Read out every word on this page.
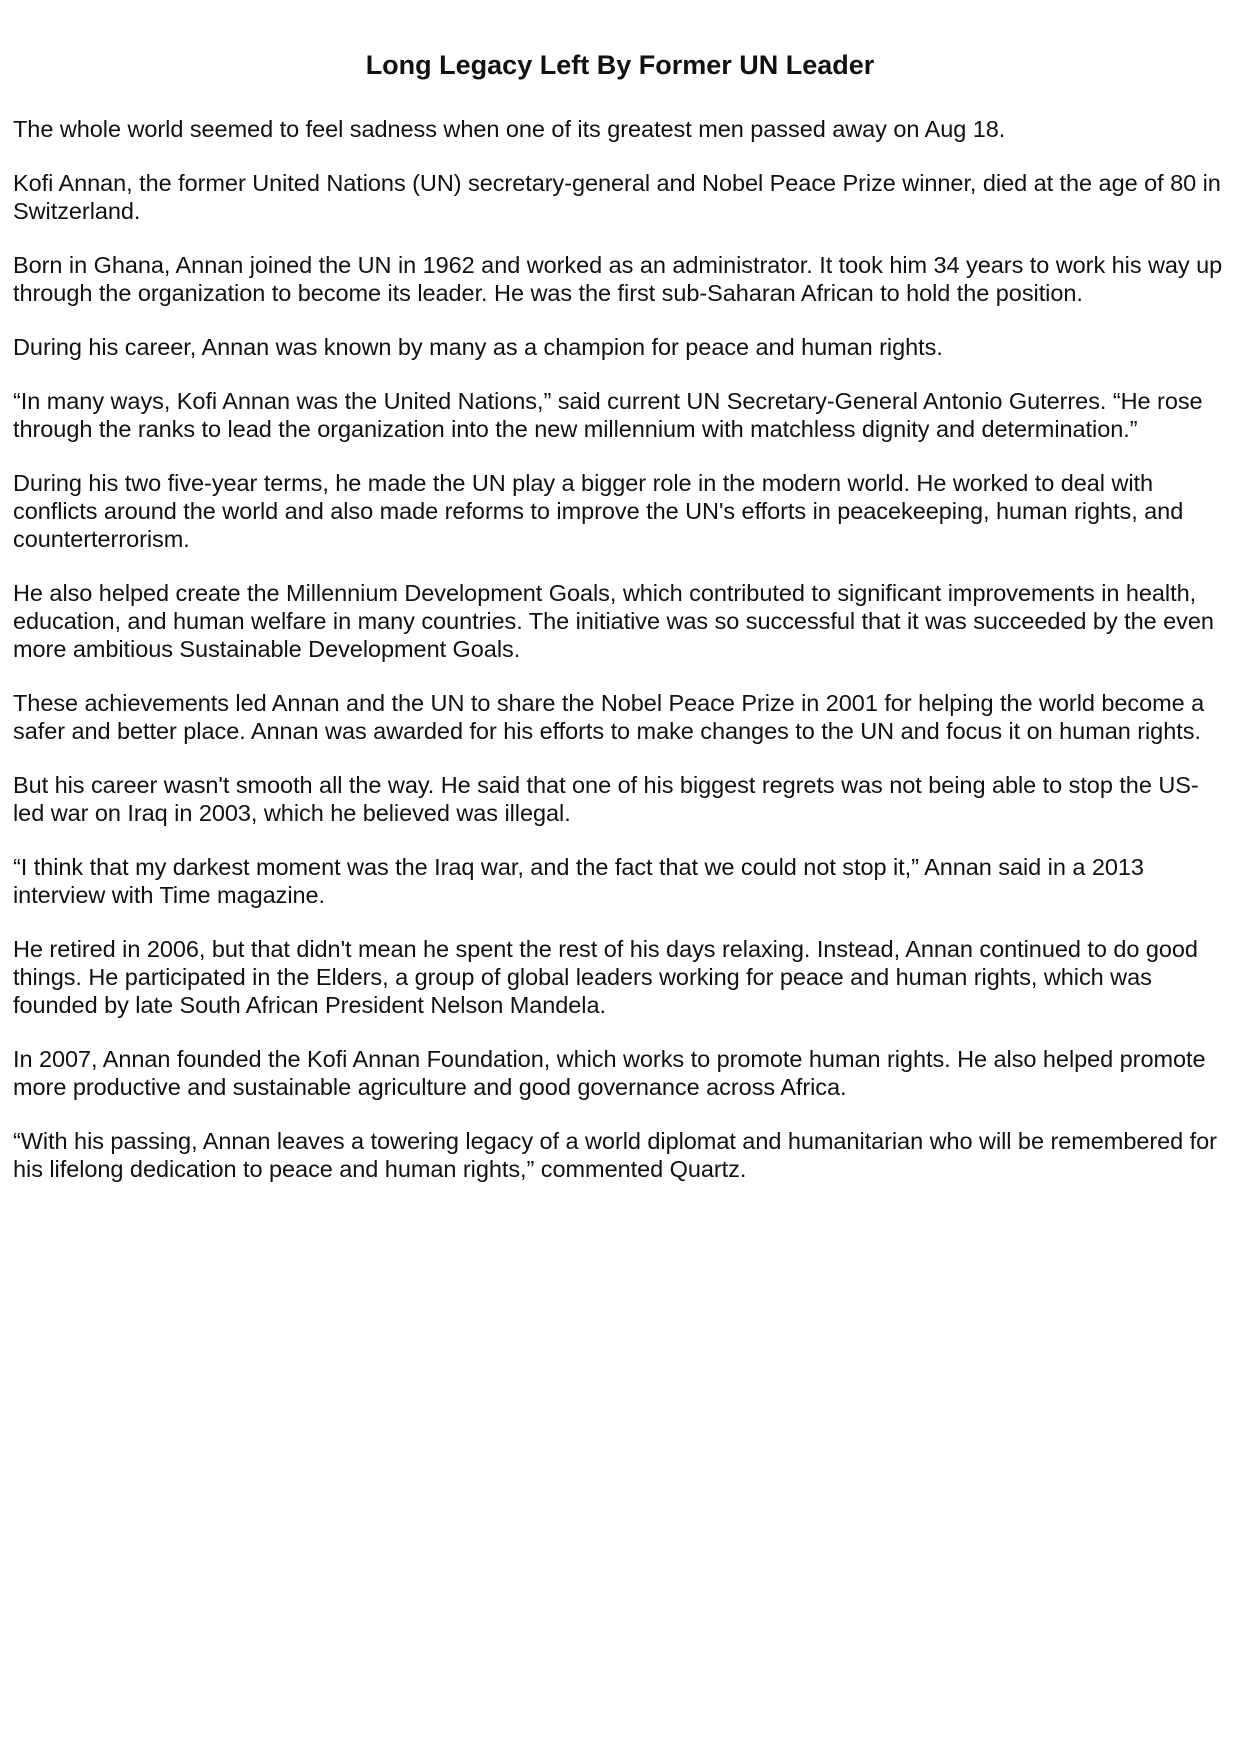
Long Legacy Left By Former UN Leader

The whole world seemed to feel sadness when one of its greatest men passed away on Aug 18.

Kofi Annan, the former United Nations (UN) secretary-general and Nobel Peace Prize winner, died at the age of 80 in Switzerland.

Born in Ghana, Annan joined the UN in 1962 and worked as an administrator. It took him 34 years to work his way up through the organization to become its leader. He was the first sub-Saharan African to hold the position.

During his career, Annan was known by many as a champion for peace and human rights.

“In many ways, Kofi Annan was the United Nations,” said current UN Secretary-General Antonio Guterres. “He rose through the ranks to lead the organization into the new millennium with matchless dignity and determination.”

During his two five-year terms, he made the UN play a bigger role in the modern world. He worked to deal with conflicts around the world and also made reforms to improve the UN's efforts in peacekeeping, human rights, and counterterrorism.

He also helped create the Millennium Development Goals, which contributed to significant improvements in health, education, and human welfare in many countries. The initiative was so successful that it was succeeded by the even more ambitious Sustainable Development Goals.

These achievements led Annan and the UN to share the Nobel Peace Prize in 2001 for helping the world become a safer and better place. Annan was awarded for his efforts to make changes to the UN and focus it on human rights.

But his career wasn't smooth all the way. He said that one of his biggest regrets was not being able to stop the US-led war on Iraq in 2003, which he believed was illegal.

“I think that my darkest moment was the Iraq war, and the fact that we could not stop it,” Annan said in a 2013 interview with Time magazine.

He retired in 2006, but that didn't mean he spent the rest of his days relaxing. Instead, Annan continued to do good things. He participated in the Elders, a group of global leaders working for peace and human rights, which was founded by late South African President Nelson Mandela.

In 2007, Annan founded the Kofi Annan Foundation, which works to promote human rights. He also helped promote more productive and sustainable agriculture and good governance across Africa.

“With his passing, Annan leaves a towering legacy of a world diplomat and humanitarian who will be remembered for his lifelong dedication to peace and human rights,” commented Quartz.
